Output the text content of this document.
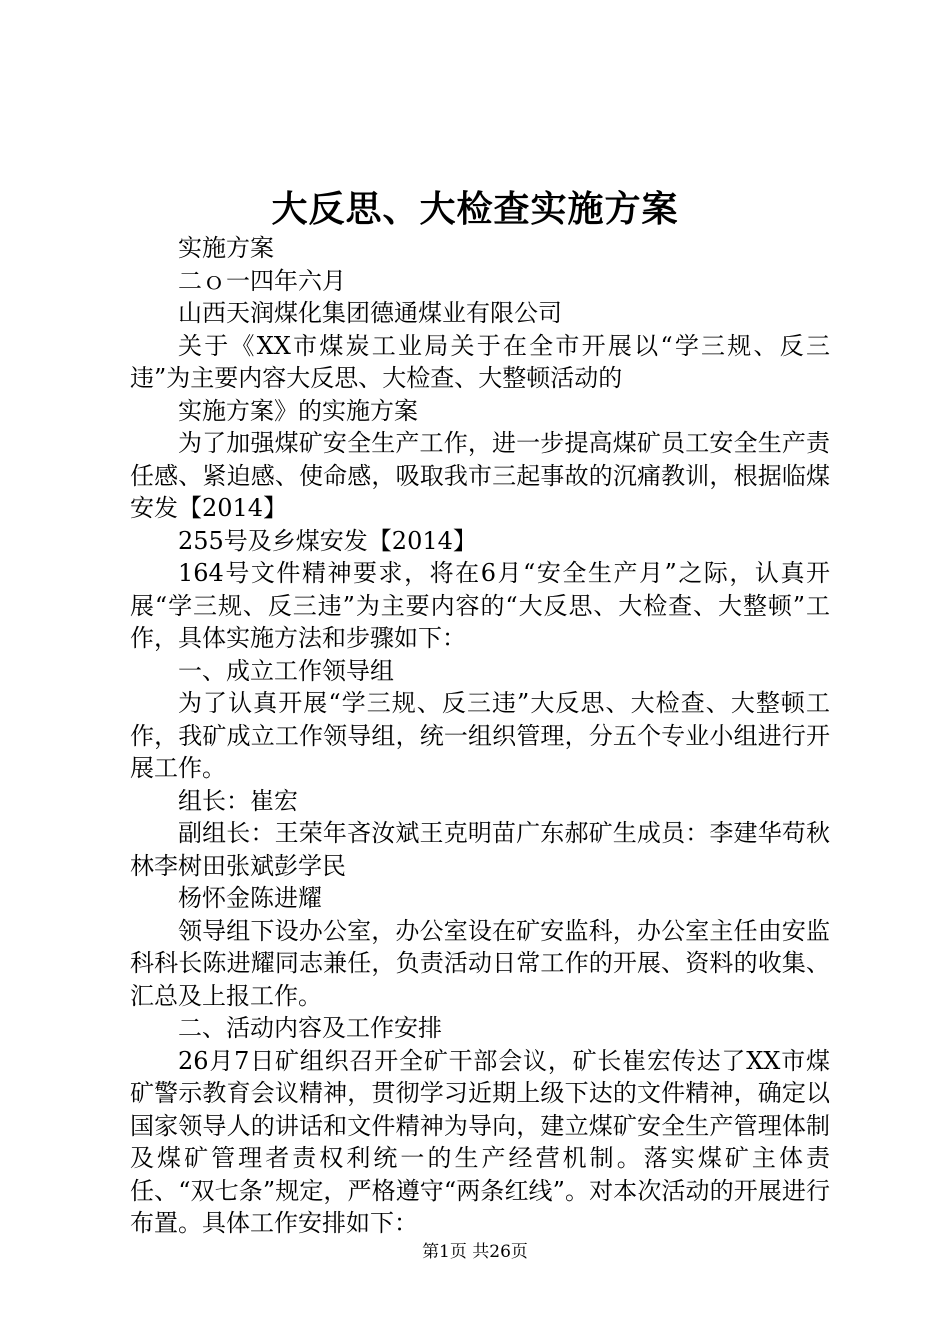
大反思、大检查实施方案

实施方案

二ｏ一四年六月

山西天润煤化集团德通煤业有限公司

关于《XX市煤炭工业局关于在全市开展以“学三规、反三违”为主要内容大反思、大检查、大整顿活动的

实施方案》的实施方案

为了加强煤矿安全生产工作，进一步提高煤矿员工安全生产责任感、紧迫感、使命感，吸取我市三起事故的沉痛教训，根据临煤安发【2014】

255号及乡煤安发【2014】

164号文件精神要求，将在6月“安全生产月”之际，认真开展“学三规、反三违”为主要内容的“大反思、大检查、大整顿”工作，具体实施方法和步骤如下：

一、成立工作领导组

为了认真开展“学三规、反三违”大反思、大检查、大整顿工作，我矿成立工作领导组，统一组织管理，分五个专业小组进行开展工作。

组长：崔宏

副组长：王荣年吝汝斌王克明苗广东郝矿生成员：李建华苟秋林李树田张斌彭学民

杨怀金陈进耀

领导组下设办公室，办公室设在矿安监科，办公室主任由安监科科长陈进耀同志兼任，负责活动日常工作的开展、资料的收集、汇总及上报工作。

二、活动内容及工作安排

26月7日矿组织召开全矿干部会议，矿长崔宏传达了XX市煤矿警示教育会议精神，贯彻学习近期上级下达的文件精神，确定以国家领导人的讲话和文件精神为导向，建立煤矿安全生产管理体制及煤矿管理者责权利统一的生产经营机制。落实煤矿主体责任、“双七条”规定，严格遵守“两条红线”。对本次活动的开展进行布置。具体工作安排如下：

第1页 共26页
